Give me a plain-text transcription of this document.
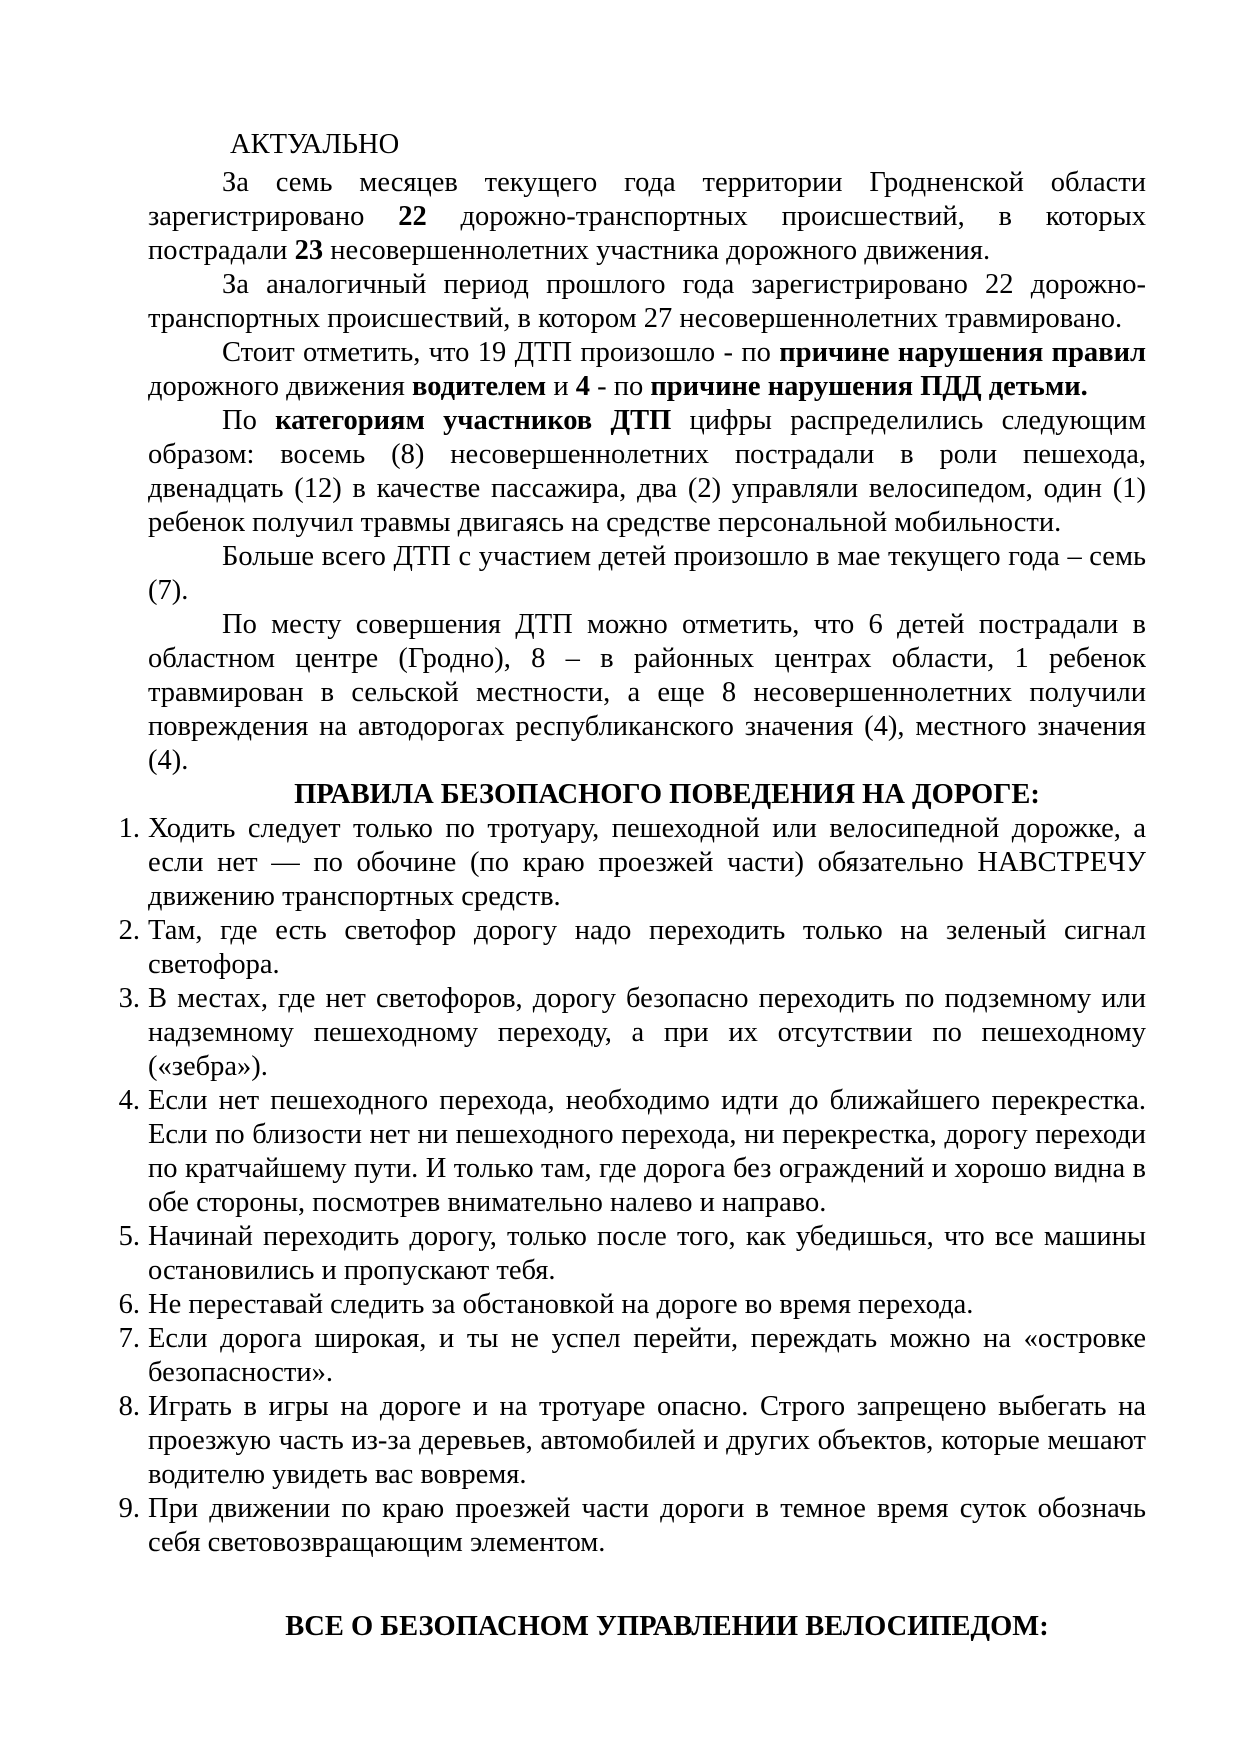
АКТУАЛЬНО

За семь месяцев текущего года территории Гродненской области зарегистрировано 22 дорожно-транспортных происшествий, в которых пострадали 23 несовершеннолетних участника дорожного движения.

За аналогичный период прошлого года зарегистрировано 22 дорожно-транспортных происшествий, в котором 27 несовершеннолетних травмировано.

Стоит отметить, что 19 ДТП произошло - по причине нарушения правил дорожного движения водителем и 4 - по причине нарушения ПДД детьми.

По категориям участников ДТП цифры распределились следующим образом: восемь (8) несовершеннолетних пострадали в роли пешехода, двенадцать (12) в качестве пассажира, два (2) управляли велосипедом, один (1) ребенок получил травмы двигаясь на средстве персональной мобильности.

Больше всего ДТП с участием детей произошло в мае текущего года – семь (7).

По месту совершения ДТП можно отметить, что 6 детей пострадали в областном центре (Гродно), 8 – в районных центрах области, 1 ребенок травмирован в сельской местности, а еще 8 несовершеннолетних получили повреждения на автодорогах республиканского значения (4), местного значения (4).

ПРАВИЛА БЕЗОПАСНОГО ПОВЕДЕНИЯ НА ДОРОГЕ:
1. Ходить следует только по тротуару, пешеходной или велосипедной дорожке, а если нет — по обочине (по краю проезжей части) обязательно НАВСТРЕЧУ движению транспортных средств.
2. Там, где есть светофор дорогу надо переходить только на зеленый сигнал светофора.
3. В местах, где нет светофоров, дорогу безопасно переходить по подземному или надземному пешеходному переходу, а при их отсутствии по пешеходному («зебра»).
4. Если нет пешеходного перехода, необходимо идти до ближайшего перекрестка. Если по близости нет ни пешеходного перехода, ни перекрестка, дорогу переходи по кратчайшему пути. И только там, где дорога без ограждений и хорошо видна в обе стороны, посмотрев внимательно налево и направо.
5. Начинай переходить дорогу, только после того, как убедишься, что все машины остановились и пропускают тебя.
6. Не переставай следить за обстановкой на дороге во время перехода.
7. Если дорога широкая, и ты не успел перейти, переждать можно на «островке безопасности».
8. Играть в игры на дороге и на тротуаре опасно. Строго запрещено выбегать на проезжую часть из-за деревьев, автомобилей и других объектов, которые мешают водителю увидеть вас вовремя.
9. При движении по краю проезжей части дороги в темное время суток обозначь себя световозвращающим элементом.
ВСЕ О БЕЗОПАСНОМ УПРАВЛЕНИИ ВЕЛОСИПЕДОМ:
